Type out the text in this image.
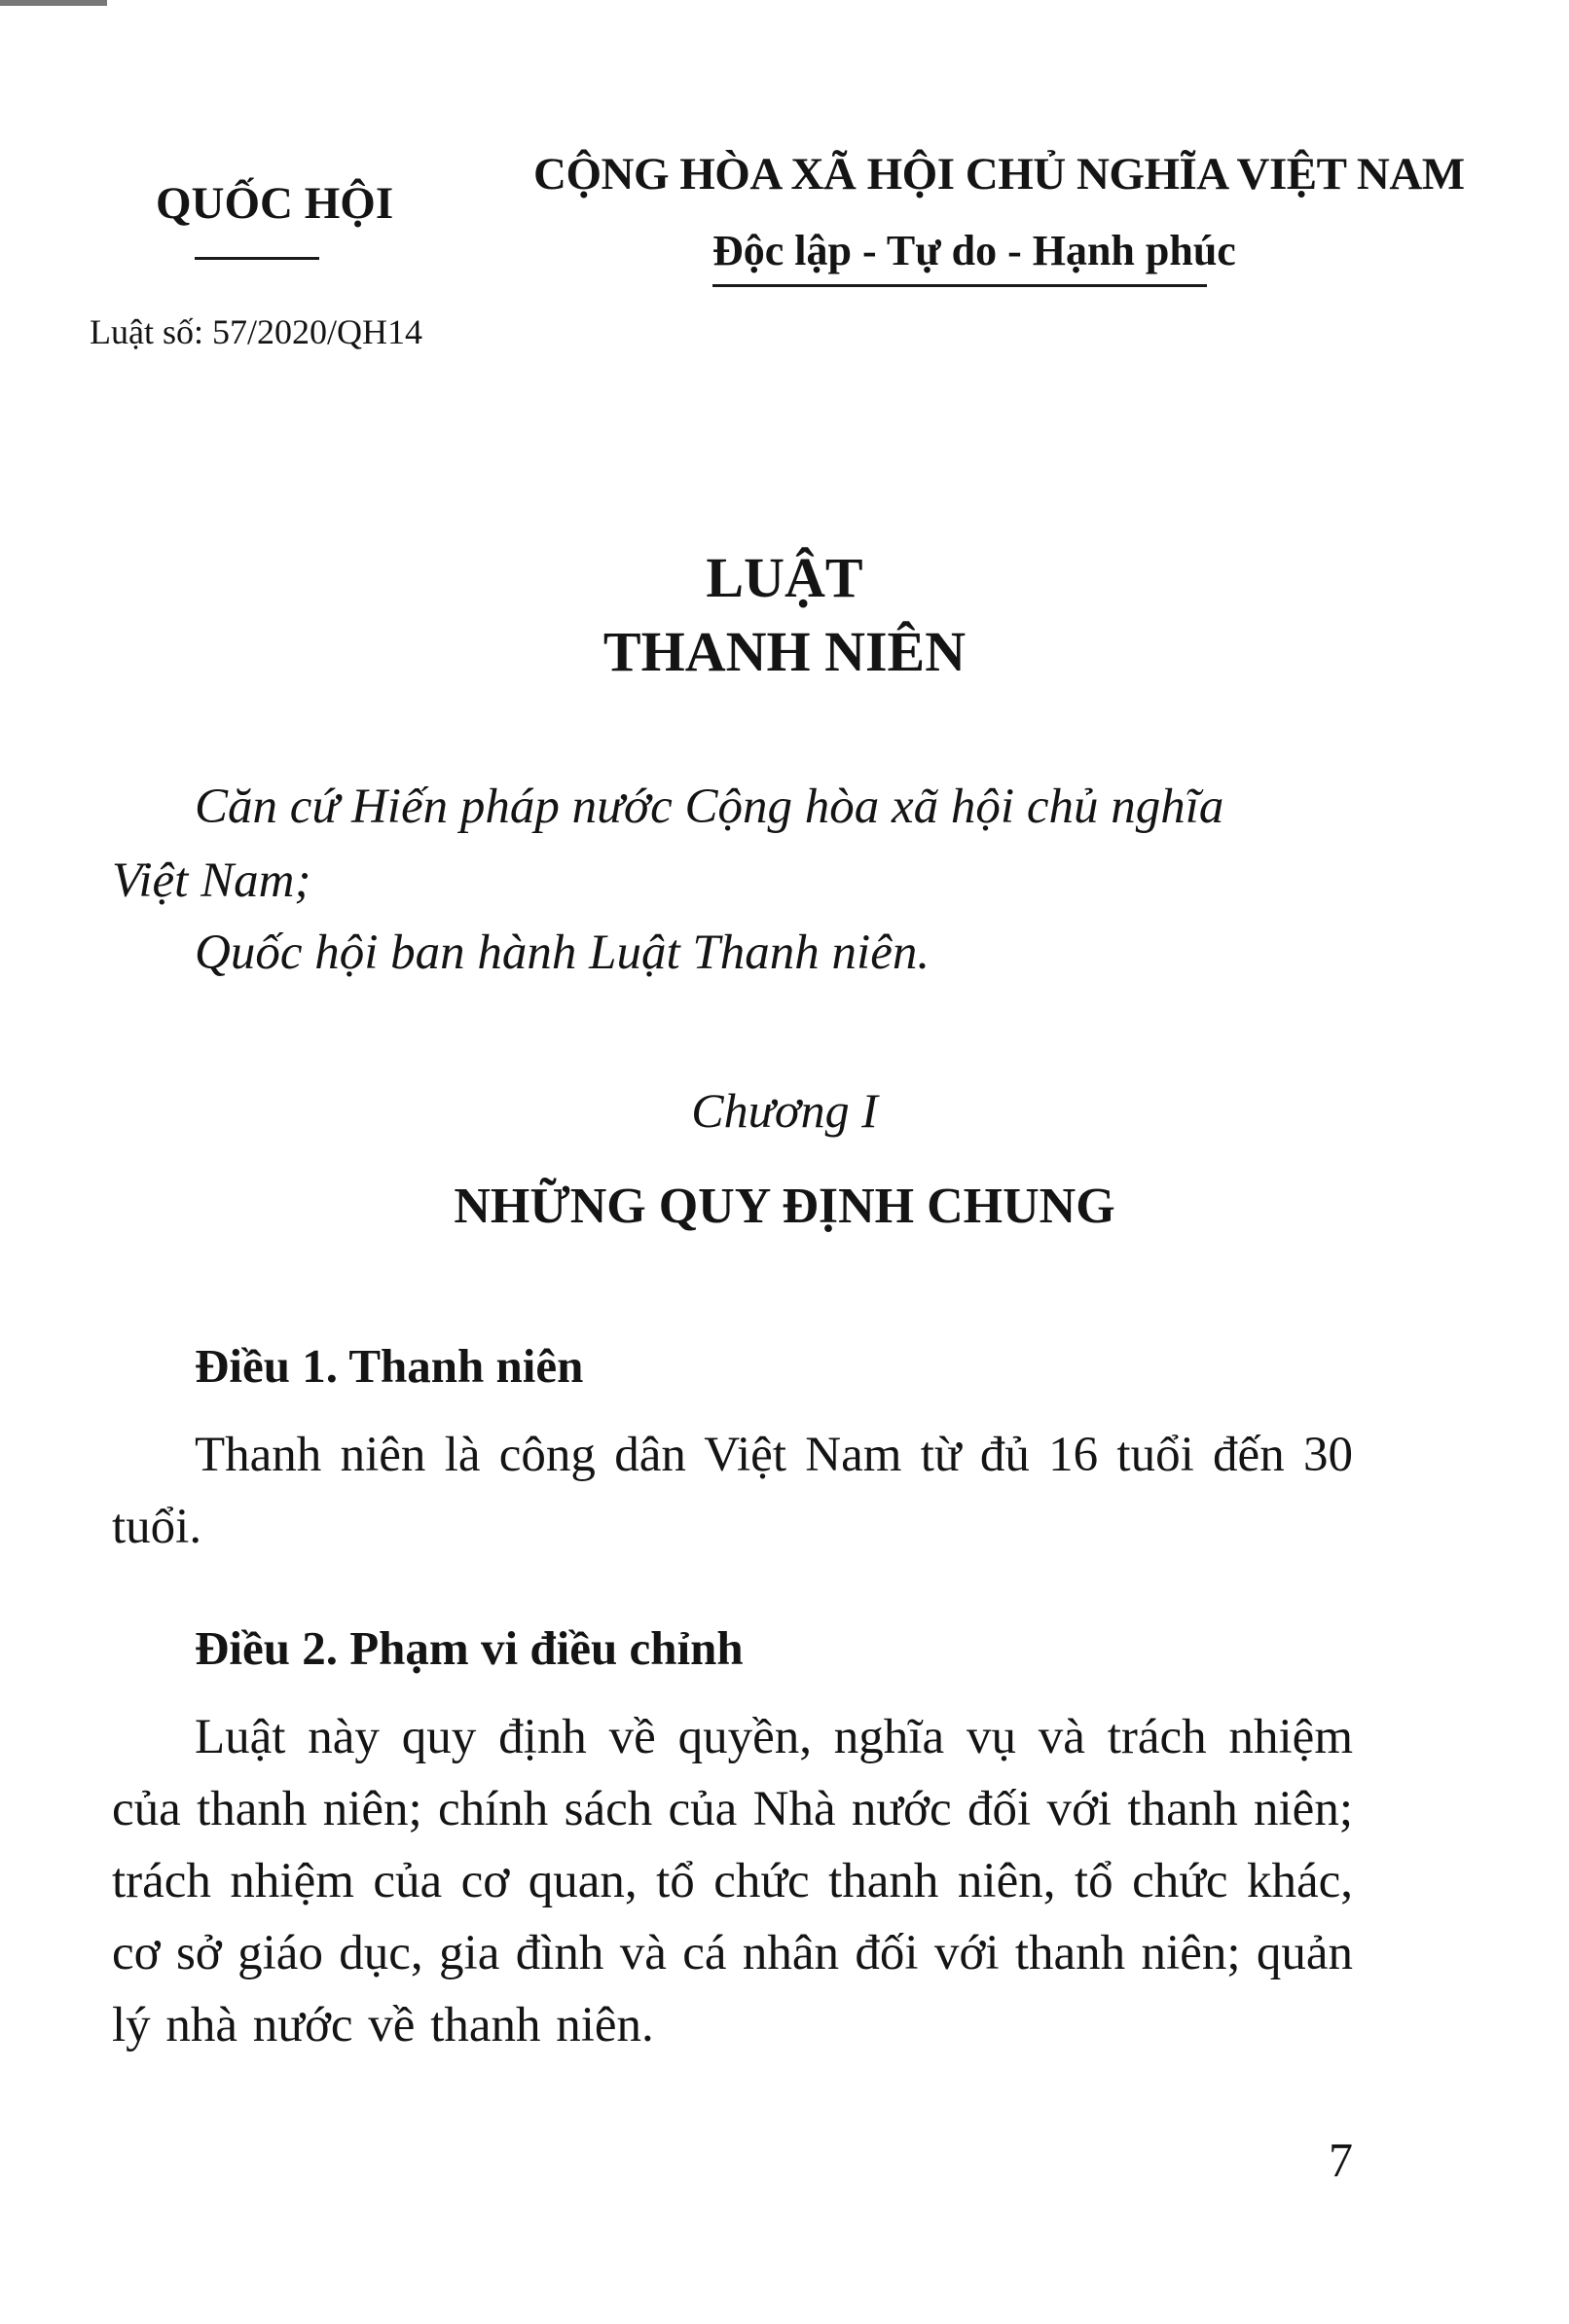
QUỐC HỘI
CỘNG HÒA XÃ HỘI CHỦ NGHĨA VIỆT NAM
Độc lập - Tự do - Hạnh phúc
Luật số: 57/2020/QH14
LUẬT
THANH NIÊN
Căn cứ Hiến pháp nước Cộng hòa xã hội chủ nghĩa
Việt Nam;
Quốc hội ban hành Luật Thanh niên.
Chương I
NHỮNG QUY ĐỊNH CHUNG
Điều 1. Thanh niên
Thanh niên là công dân Việt Nam từ đủ 16 tuổi đến 30 tuổi.
Điều 2. Phạm vi điều chỉnh
Luật này quy định về quyền, nghĩa vụ và trách nhiệm của thanh niên; chính sách của Nhà nước đối với thanh niên; trách nhiệm của cơ quan, tổ chức thanh niên, tổ chức khác, cơ sở giáo dục, gia đình và cá nhân đối với thanh niên; quản lý nhà nước về thanh niên.
7
